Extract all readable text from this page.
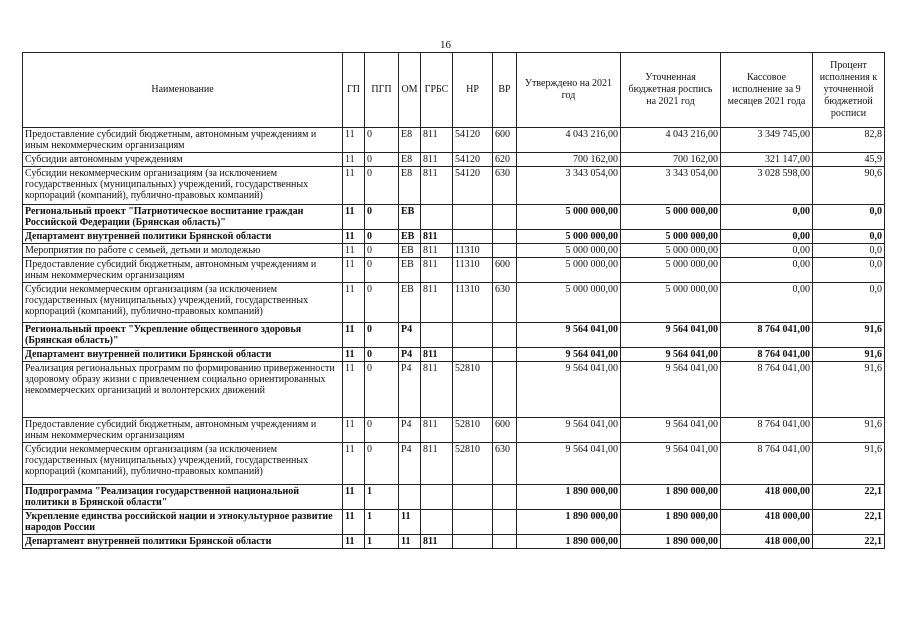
16
Наименование	ГП	ПГП	ОМ	ГРБС	НР	ВР	Утверждено на 2021 год	Уточненная бюджетная роспись на 2021 год	Кассовое исполнение за 9 месяцев 2021 года	Процент исполнения к уточненной бюджетной росписи
Предоставление субсидий бюджетным, автономным учреждениям и иным некоммерческим организациям	11	0	E8	811	54120	600	4 043 216,00	4 043 216,00	3 349 745,00	82,8
Субсидии автономным учреждениям	11	0	E8	811	54120	620	700 162,00	700 162,00	321 147,00	45,9
Субсидии некоммерческим организациям (за исключением государственных (муниципальных) учреждений, государственных корпораций (компаний), публично-правовых компаний)	11	0	E8	811	54120	630	3 343 054,00	3 343 054,00	3 028 598,00	90,6
Региональный проект "Патриотическое воспитание граждан Российской Федерации (Брянская область)"	11	0	EB				5 000 000,00	5 000 000,00	0,00	0,0
Департамент внутренней политики Брянской области	11	0	EB	811			5 000 000,00	5 000 000,00	0,00	0,0
Мероприятия по работе с семьей, детьми и молодежью	11	0	EB	811	11310		5 000 000,00	5 000 000,00	0,00	0,0
Предоставление субсидий бюджетным, автономным учреждениям и иным некоммерческим организациям	11	0	EB	811	11310	600	5 000 000,00	5 000 000,00	0,00	0,0
Субсидии некоммерческим организациям (за исключением государственных (муниципальных) учреждений, государственных корпораций (компаний), публично-правовых компаний)	11	0	EB	811	11310	630	5 000 000,00	5 000 000,00	0,00	0,0
Региональный проект "Укрепление общественного здоровья (Брянская область)"	11	0	P4				9 564 041,00	9 564 041,00	8 764 041,00	91,6
Департамент внутренней политики Брянской области	11	0	P4	811			9 564 041,00	9 564 041,00	8 764 041,00	91,6
Реализация региональных программ по формированию приверженности здоровому образу жизни с привлечением социально ориентированных некоммерческих организаций и волонтерских движений	11	0	P4	811	52810		9 564 041,00	9 564 041,00	8 764 041,00	91,6
Предоставление субсидий бюджетным, автономным учреждениям и иным некоммерческим организациям	11	0	P4	811	52810	600	9 564 041,00	9 564 041,00	8 764 041,00	91,6
Субсидии некоммерческим организациям (за исключением государственных (муниципальных) учреждений, государственных корпораций (компаний), публично-правовых компаний)	11	0	P4	811	52810	630	9 564 041,00	9 564 041,00	8 764 041,00	91,6
Подпрограмма "Реализация государственной национальной политики в Брянской области"	11	1					1 890 000,00	1 890 000,00	418 000,00	22,1
Укрепление единства российской нации и этнокультурное развитие народов России	11	1	11				1 890 000,00	1 890 000,00	418 000,00	22,1
Департамент внутренней политики Брянской области	11	1	11	811			1 890 000,00	1 890 000,00	418 000,00	22,1
